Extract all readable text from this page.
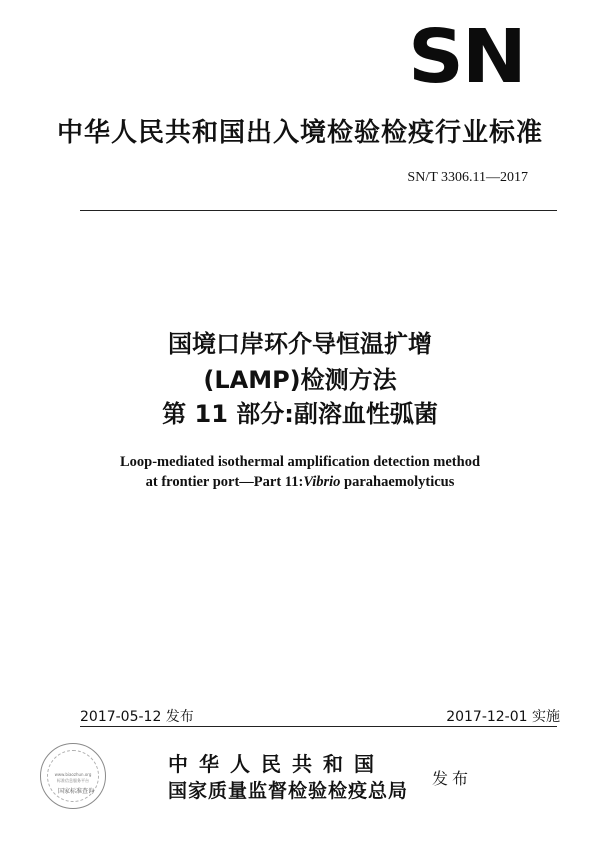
SN
中华人民共和国出入境检验检疫行业标准
SN/T 3306.11—2017
国境口岸环介导恒温扩增
(LAMP)检测方法
第 11 部分:副溶血性弧菌
Loop-mediated isothermal amplification detection method
at frontier port—Part 11:Vibrio parahaemolyticus
2017-05-12 发布	2017-12-01 实施
www.biaozhun.org
标准信息服务平台
国家标准查询
中华人民共和国
国家质量监督检验检疫总局
发布
